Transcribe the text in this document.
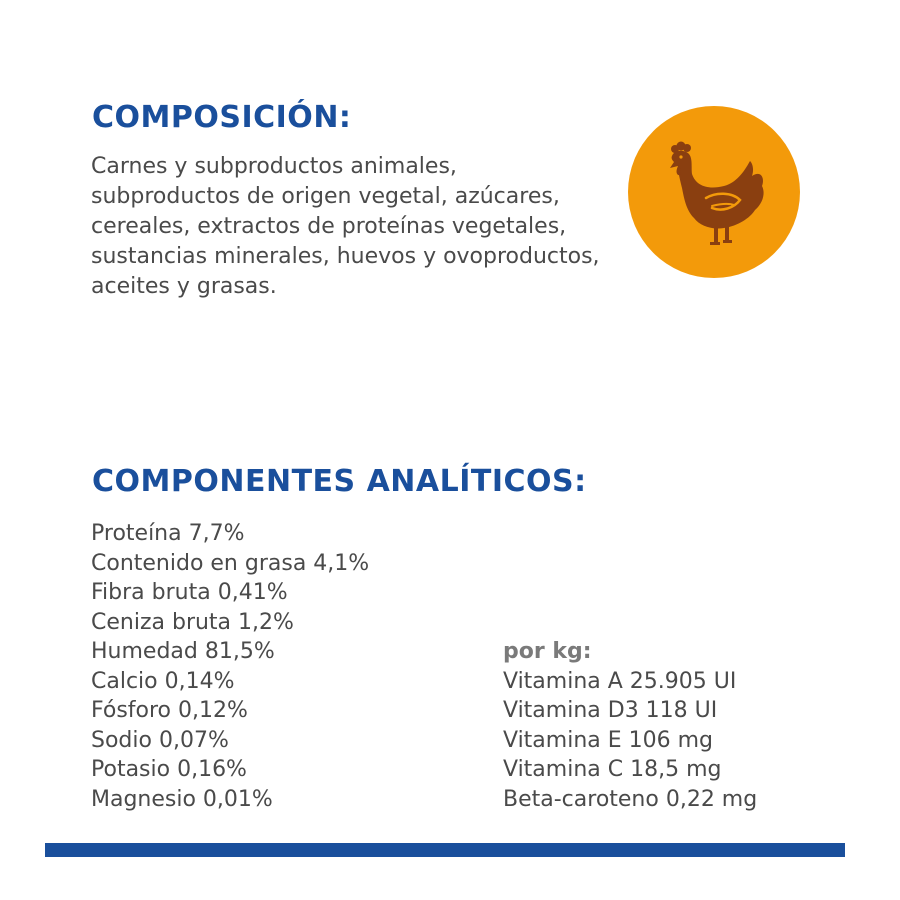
COMPOSICIÓN:

Carnes y subproductos animales, subproductos de origen vegetal, azúcares, cereales, extractos de proteínas vegetales, sustancias minerales, huevos y ovoproductos, aceites y grasas.

COMPONENTES ANALÍTICOS:
Proteína 7,7%
Contenido en grasa 4,1%
Fibra bruta 0,41%
Ceniza bruta 1,2%
Humedad 81,5%
Calcio 0,14%
Fósforo 0,12%
Sodio 0,07%
Potasio 0,16%
Magnesio 0,01%
por kg:
Vitamina A 25.905 UI
Vitamina D3 118 UI
Vitamina E 106 mg
Vitamina C 18,5 mg
Beta-caroteno 0,22 mg
